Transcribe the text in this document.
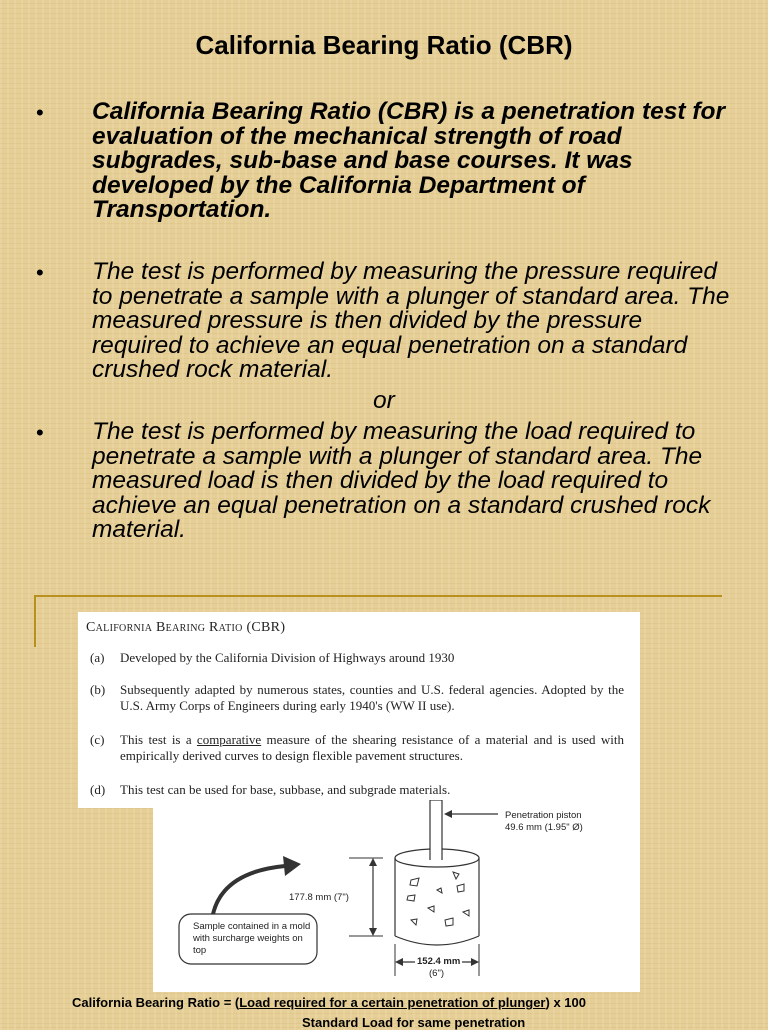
California Bearing Ratio (CBR)
• California Bearing Ratio (CBR) is a penetration test for evaluation of the mechanical strength of road subgrades, sub-base and base courses. It was developed by the California Department of Transportation.
• The test is performed by measuring the pressure required to penetrate a sample with a plunger of standard area. The measured pressure is then divided by the pressure required to achieve an equal penetration on a standard crushed rock material.
or
• The test is performed by measuring the load required to penetrate a sample with a plunger of standard area. The measured load is then divided by the load required to achieve an equal penetration on a standard crushed rock material.
California Bearing Ratio (CBR)
(a) Developed by the California Division of Highways around 1930
(b) Subsequently adapted by numerous states, counties and U.S. federal agencies. Adopted by the U.S. Army Corps of Engineers during early 1940's (WW II use).
(c) This test is a comparative measure of the shearing resistance of a material and is used with empirically derived curves to design flexible pavement structures.
(d) This test can be used for base, subbase, and subgrade materials.
Penetration piston
49.6 mm (1.95" Ø)
177.8 mm (7")
Sample contained in a mold with surcharge weights on top
152.4 mm
(6")
California Bearing Ratio = (Load required for a certain penetration of plunger) x 100
Standard Load for same penetration
